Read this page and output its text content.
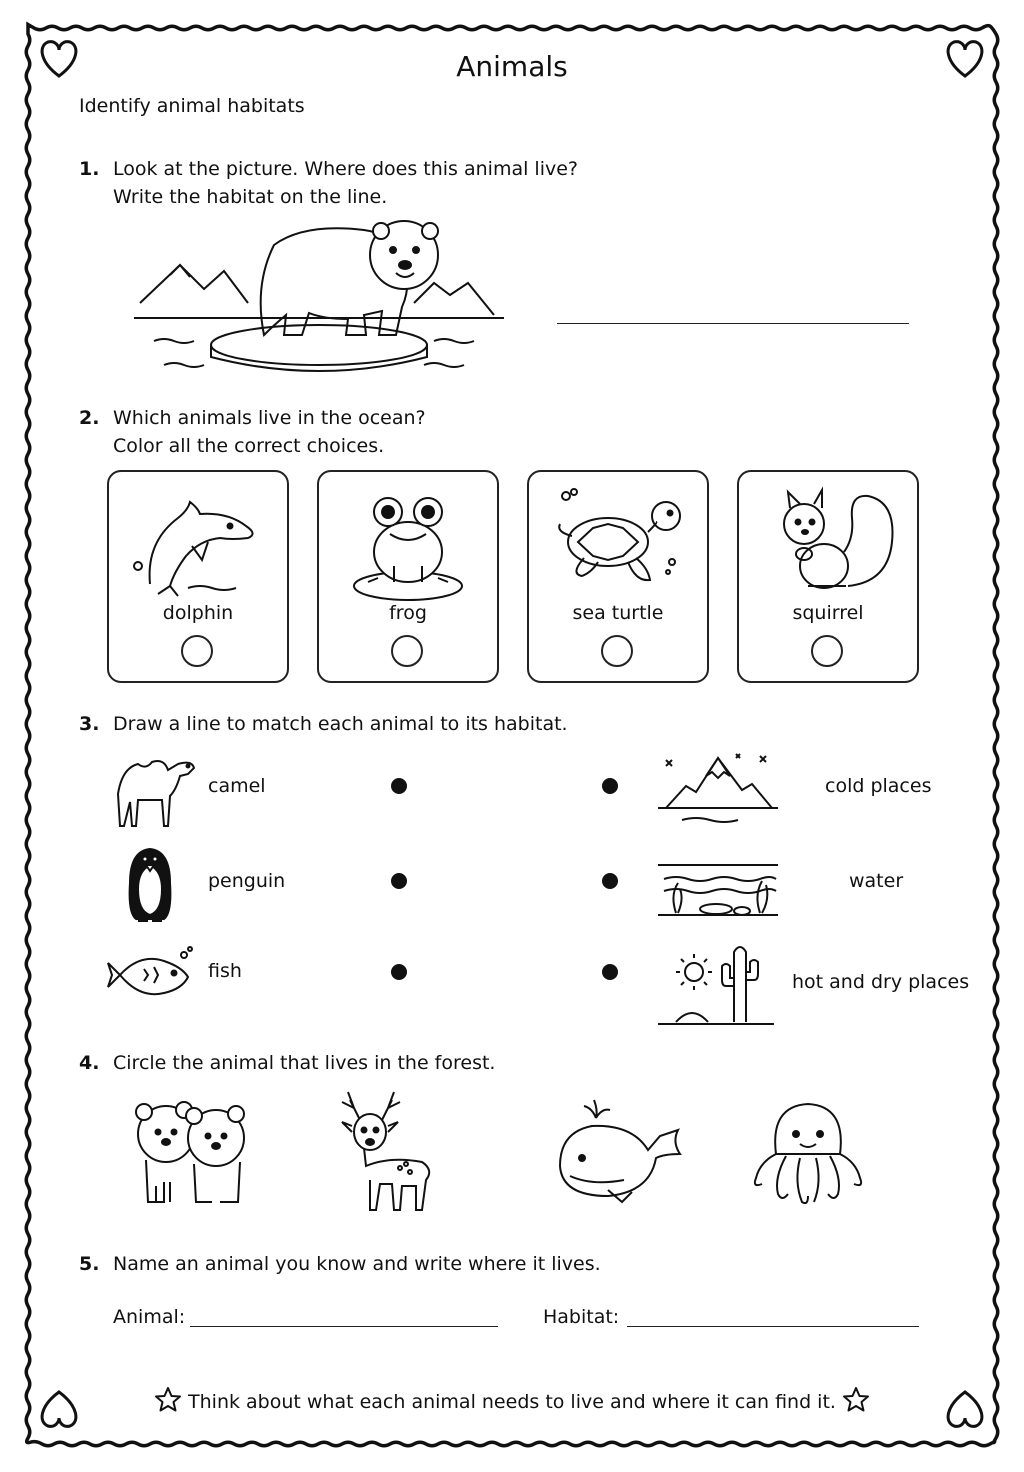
Animals
Identify animal habitats
1. Look at the picture. Where does this animal live?
Write the habitat on the line.
2. Which animals live in the ocean?
Color all the correct choices.
dolphin	frog	sea turtle	squirrel
3. Draw a line to match each animal to its habitat.
camel	cold places
penguin	water
fish	hot and dry places
4. Circle the animal that lives in the forest.
5. Name an animal you know and write where it lives.
Animal:	Habitat:
Think about what each animal needs to live and where it can find it.
